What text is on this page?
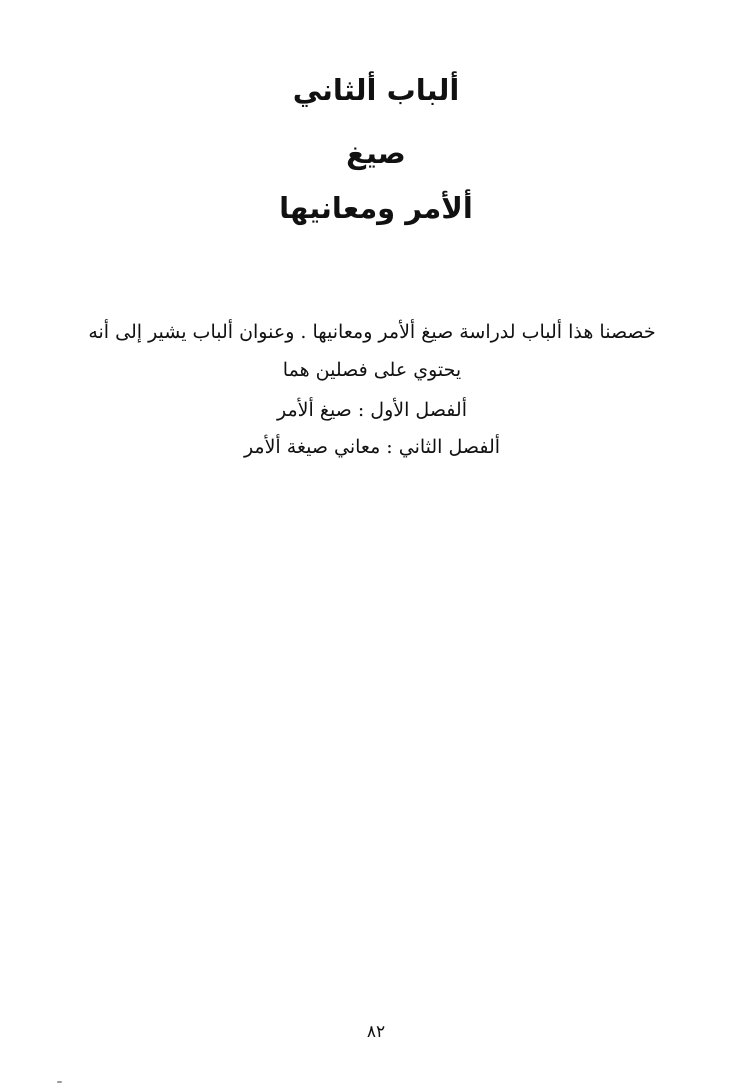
ألباب ألثاني
صيغ
ألأمر ومعانيها

خصصنا هذا ألباب لدراسة صيغ ألأمر ومعانيها . وعنوان ألباب يشير إلى أنه

يحتوي على فصلين هما

ألفصل الأول : صيغ ألأمر

ألفصل الثاني : معاني صيغة ألأمر

٨٢
